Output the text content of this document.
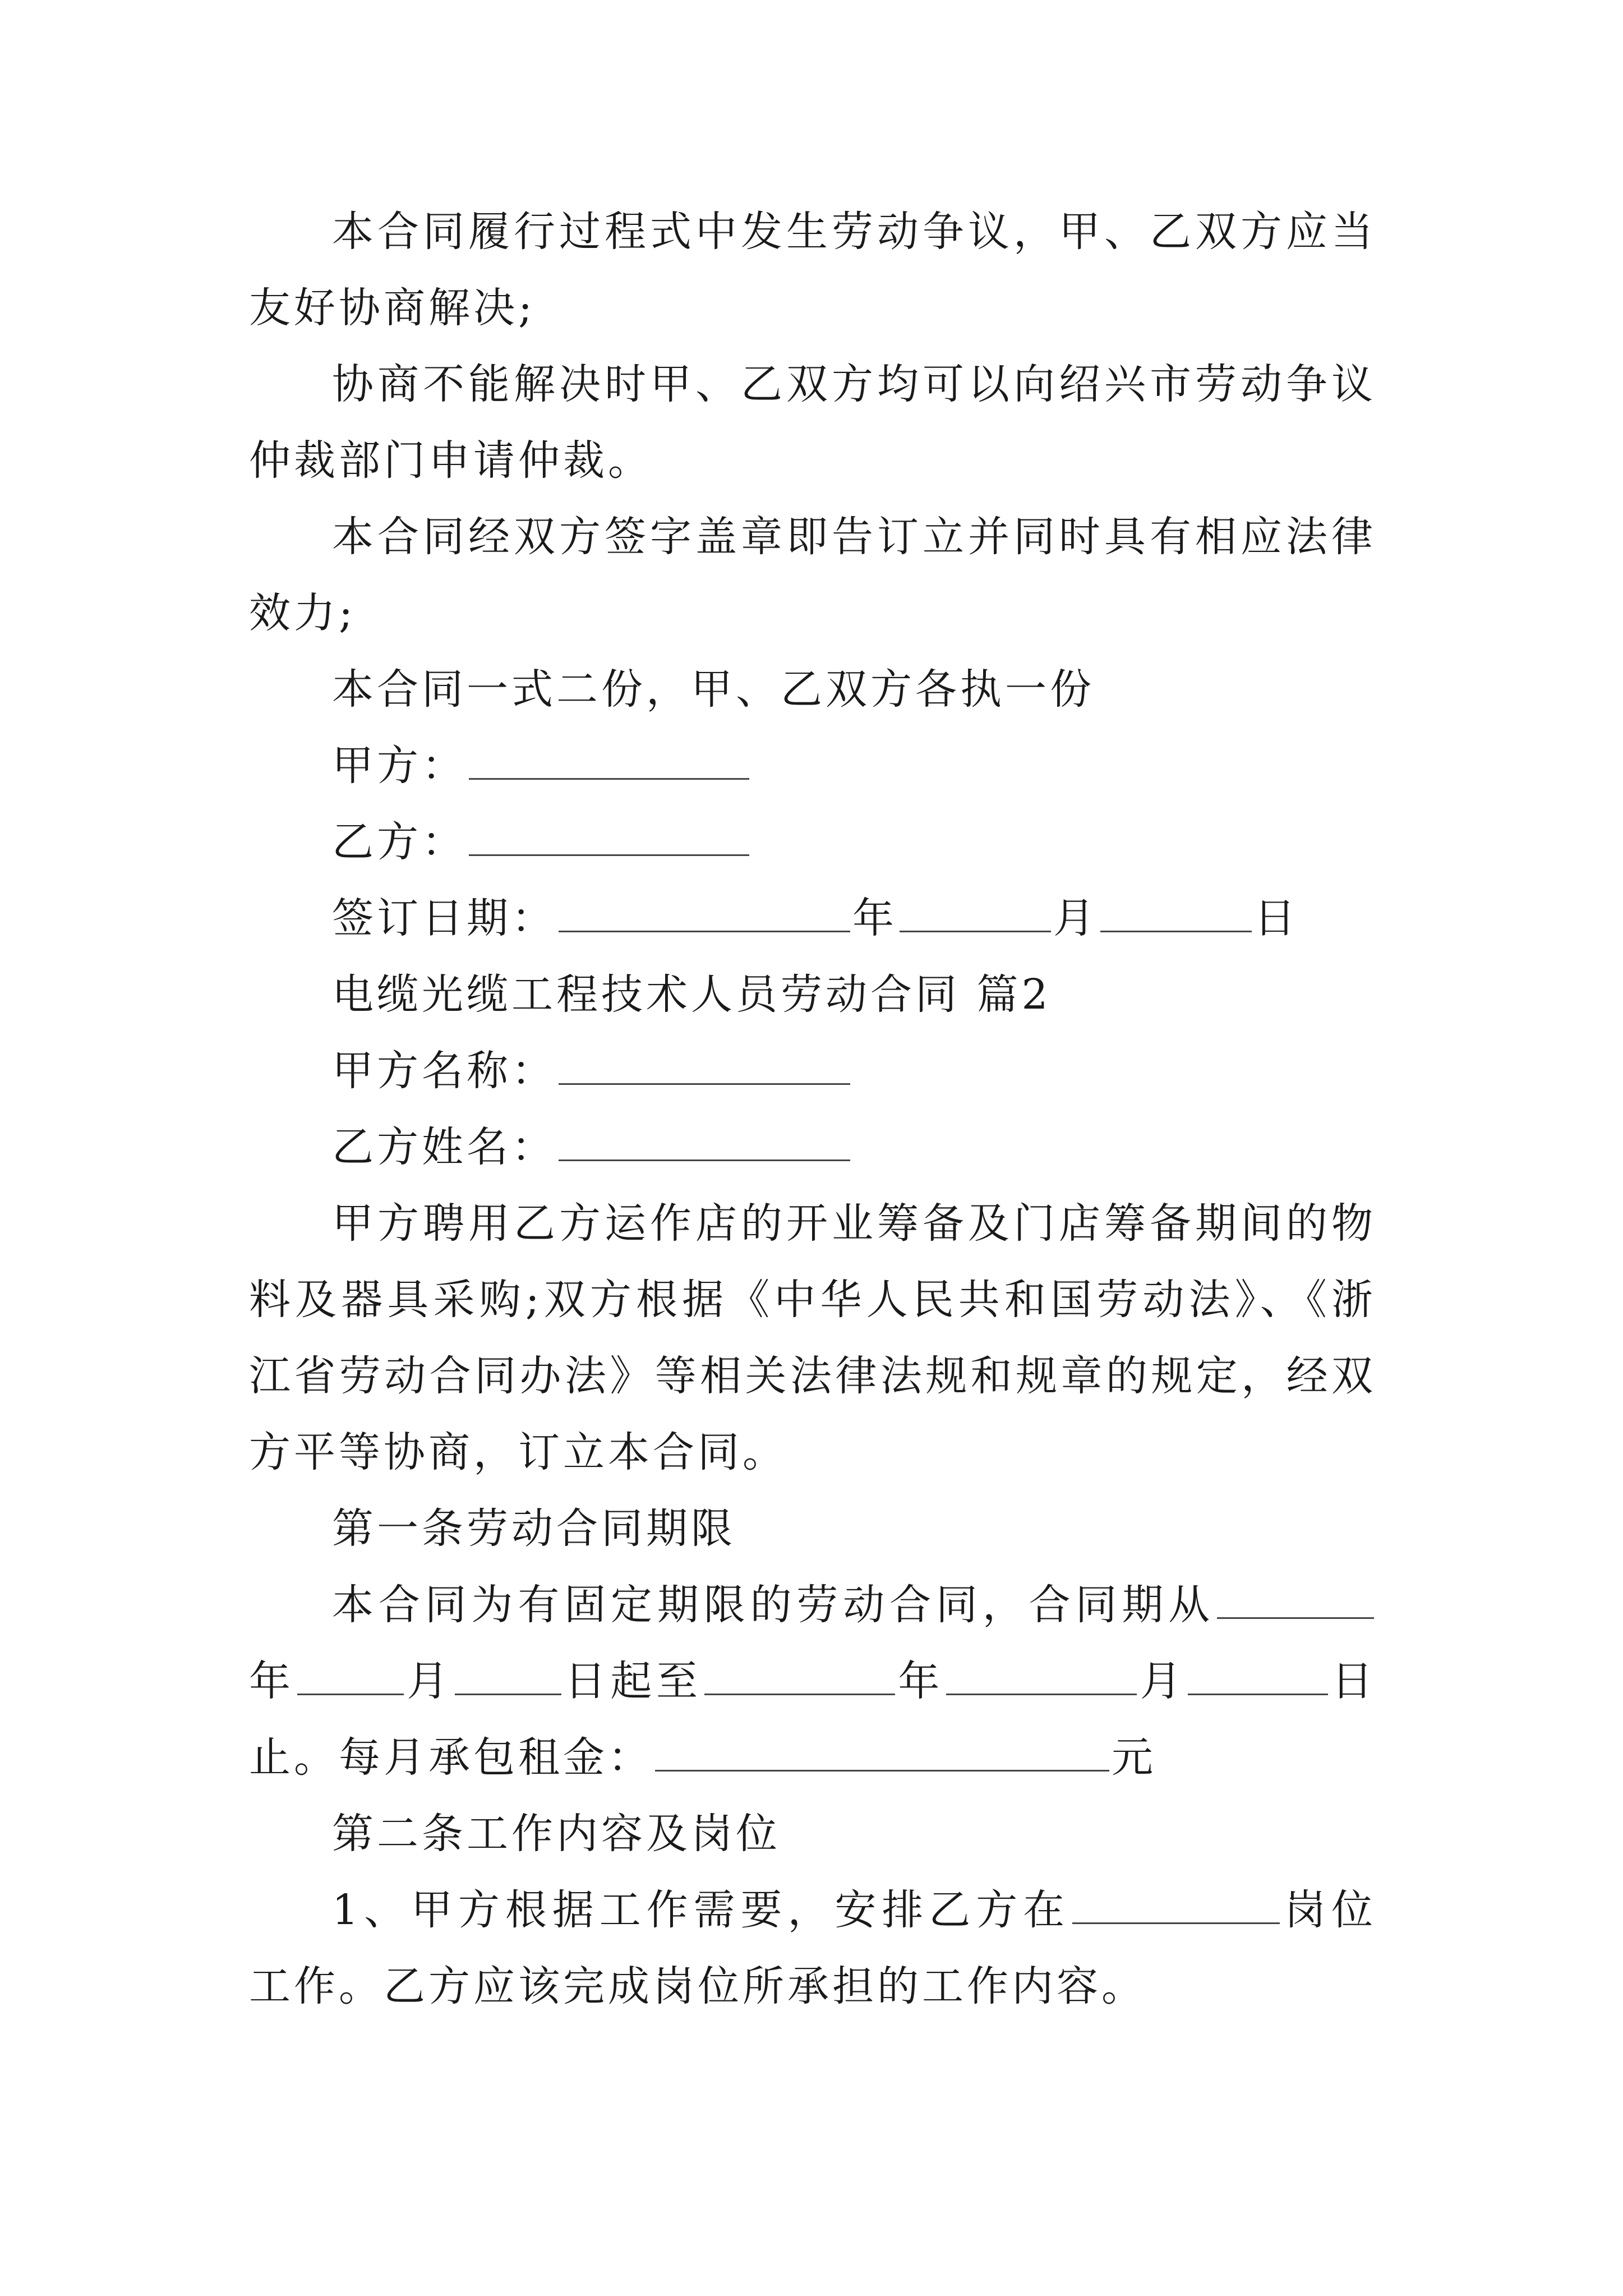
本合同履行过程式中发生劳动争议，甲、乙双方应当友好协商解决;

协商不能解决时甲、乙双方均可以向绍兴市劳动争议仲裁部门申请仲裁。

本合同经双方签字盖章即告订立并同时具有相应法律效力;

本合同一式二份，甲、乙双方各执一份

甲方：

乙方：

签订日期：	年	月	日

电缆光缆工程技术人员劳动合同 篇2

甲方名称：

乙方姓名：

甲方聘用乙方运作店的开业筹备及门店筹备期间的物料及器具采购;双方根据《中华人民共和国劳动法》、《浙江省劳动合同办法》等相关法律法规和规章的规定，经双方平等协商，订立本合同。

第一条劳动合同期限

本合同为有固定期限的劳动合同，合同期从年	月	日起至	年	月	日止。每月承包租金：	元

第二条工作内容及岗位

1、甲方根据工作需要，安排乙方在	岗位工作。乙方应该完成岗位所承担的工作内容。
